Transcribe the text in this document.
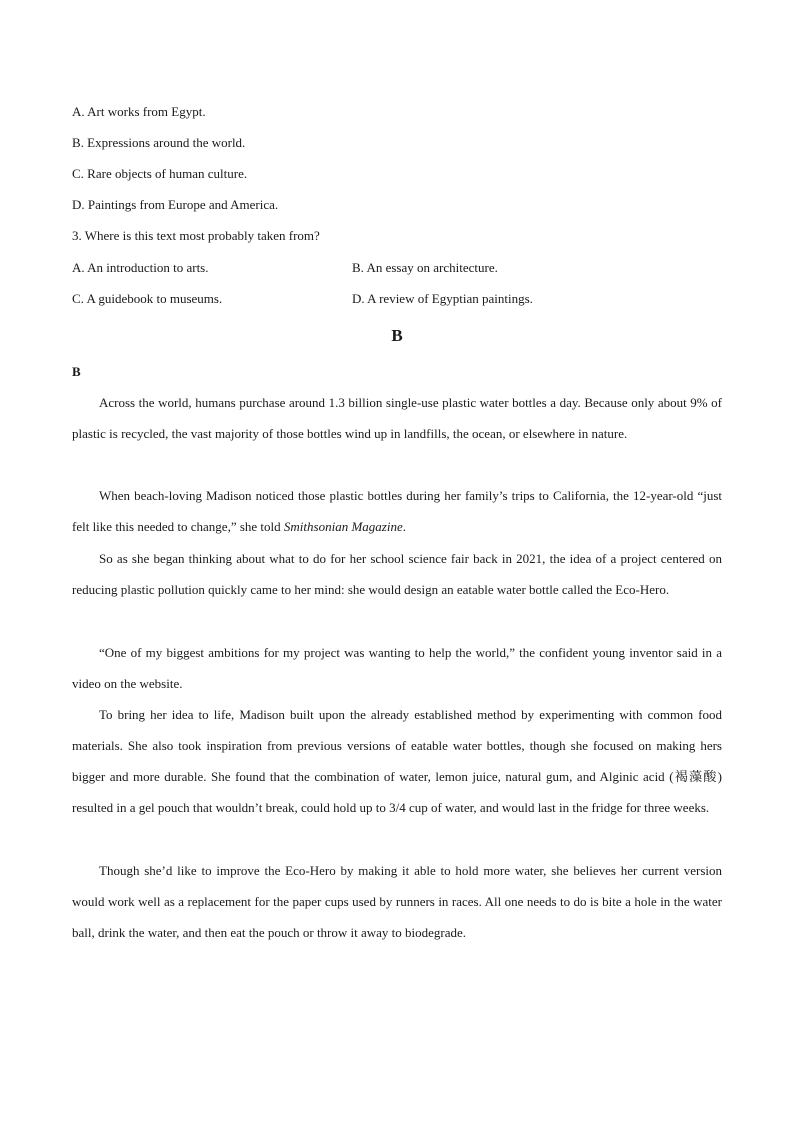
A. Art works from Egypt.
B. Expressions around the world.
C. Rare objects of human culture.
D. Paintings from Europe and America.
3. Where is this text most probably taken from?
A. An introduction to arts.	B. An essay on architecture.
C. A guidebook to museums.	D. A review of Egyptian paintings.
B
B
Across the world, humans purchase around 1.3 billion single-use plastic water bottles a day. Because only about 9% of plastic is recycled, the vast majority of those bottles wind up in landfills, the ocean, or elsewhere in nature.
When beach-loving Madison noticed those plastic bottles during her family’s trips to California, the 12-year-old “just felt like this needed to change,” she told Smithsonian Magazine.
So as she began thinking about what to do for her school science fair back in 2021, the idea of a project centered on reducing plastic pollution quickly came to her mind: she would design an eatable water bottle called the Eco-Hero.
“One of my biggest ambitions for my project was wanting to help the world,” the confident young inventor said in a video on the website.
To bring her idea to life, Madison built upon the already established method by experimenting with common food materials. She also took inspiration from previous versions of eatable water bottles, though she focused on making hers bigger and more durable. She found that the combination of water, lemon juice, natural gum, and Alginic acid (褐藻酸) resulted in a gel pouch that wouldn’t break, could hold up to 3/4 cup of water, and would last in the fridge for three weeks.
Though she’d like to improve the Eco-Hero by making it able to hold more water, she believes her current version would work well as a replacement for the paper cups used by runners in races. All one needs to do is bite a hole in the water ball, drink the water, and then eat the pouch or throw it away to biodegrade.
